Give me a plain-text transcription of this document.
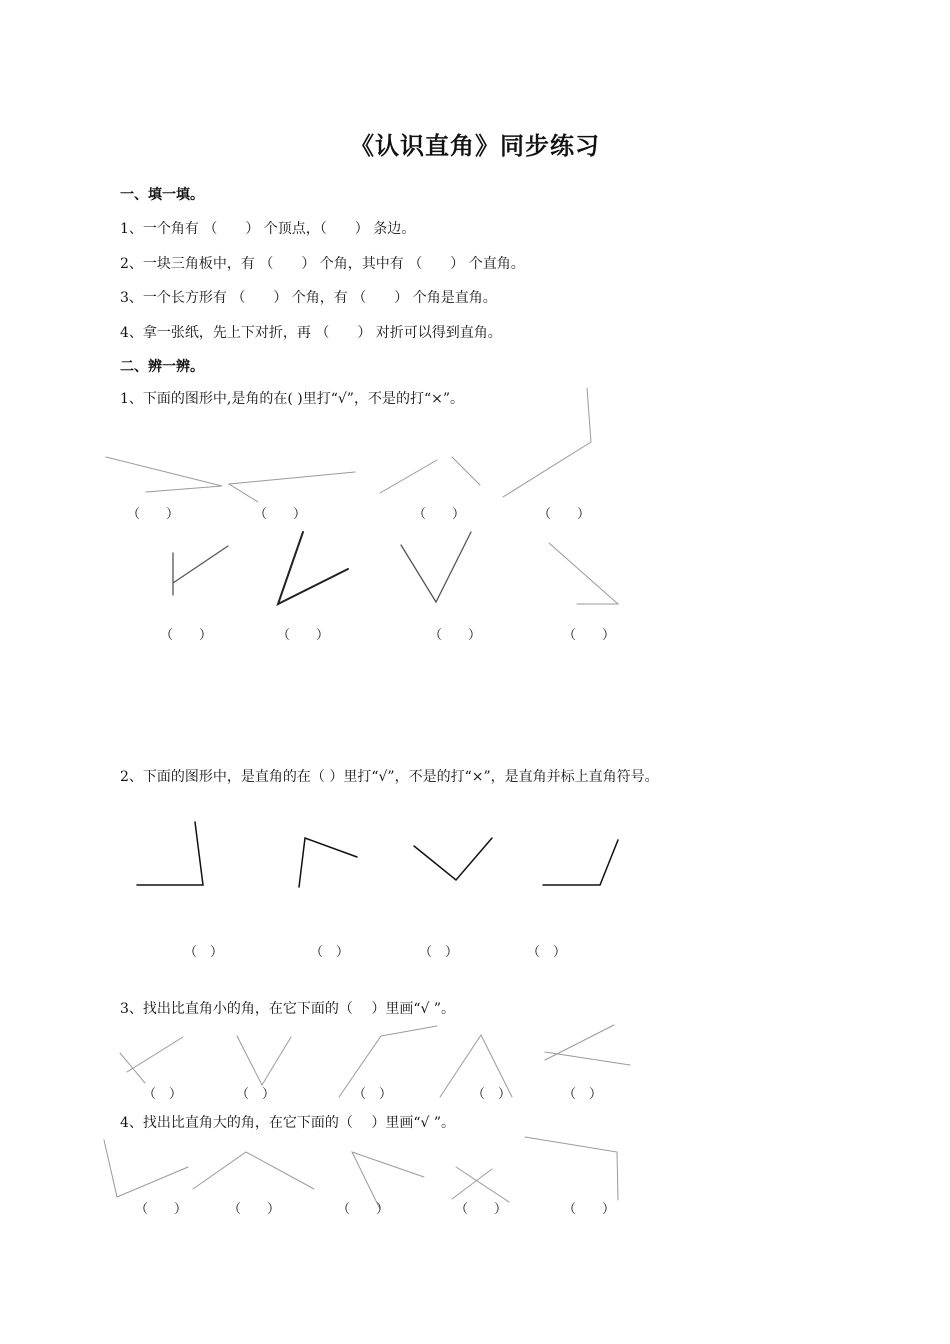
《认识直角》同步练习
一、填一填。
1、一个角有 （　　） 个顶点，（　　） 条边。
2、一块三角板中，有 （　　） 个角，其中有 （　　） 个直角。
3、一个长方形有 （　　） 个角，有 （　　） 个角是直角。
4、拿一张纸，先上下对折，再 （　　） 对折可以得到直角。
二、辨一辨。
1、下面的图形中,是角的在( )里打“√”，不是的打“×”。
（　　）	（　　）	（　　）	（　　）
（　　）	（　　）	（　　）	（　　）
2、下面的图形中，是直角的在（ ）里打“√”，不是的打“×”，是直角并标上直角符号。
（　）	（　）	（　）	（　）
3、找出比直角小的角，在它下面的（　 ）里画“√ ”。
（　）	（　）	（　）	（　）	（　）
4、找出比直角大的角，在它下面的（　 ）里画“√ ”。
（　　）	（　　）	（　　）	（　　）	（　　）
